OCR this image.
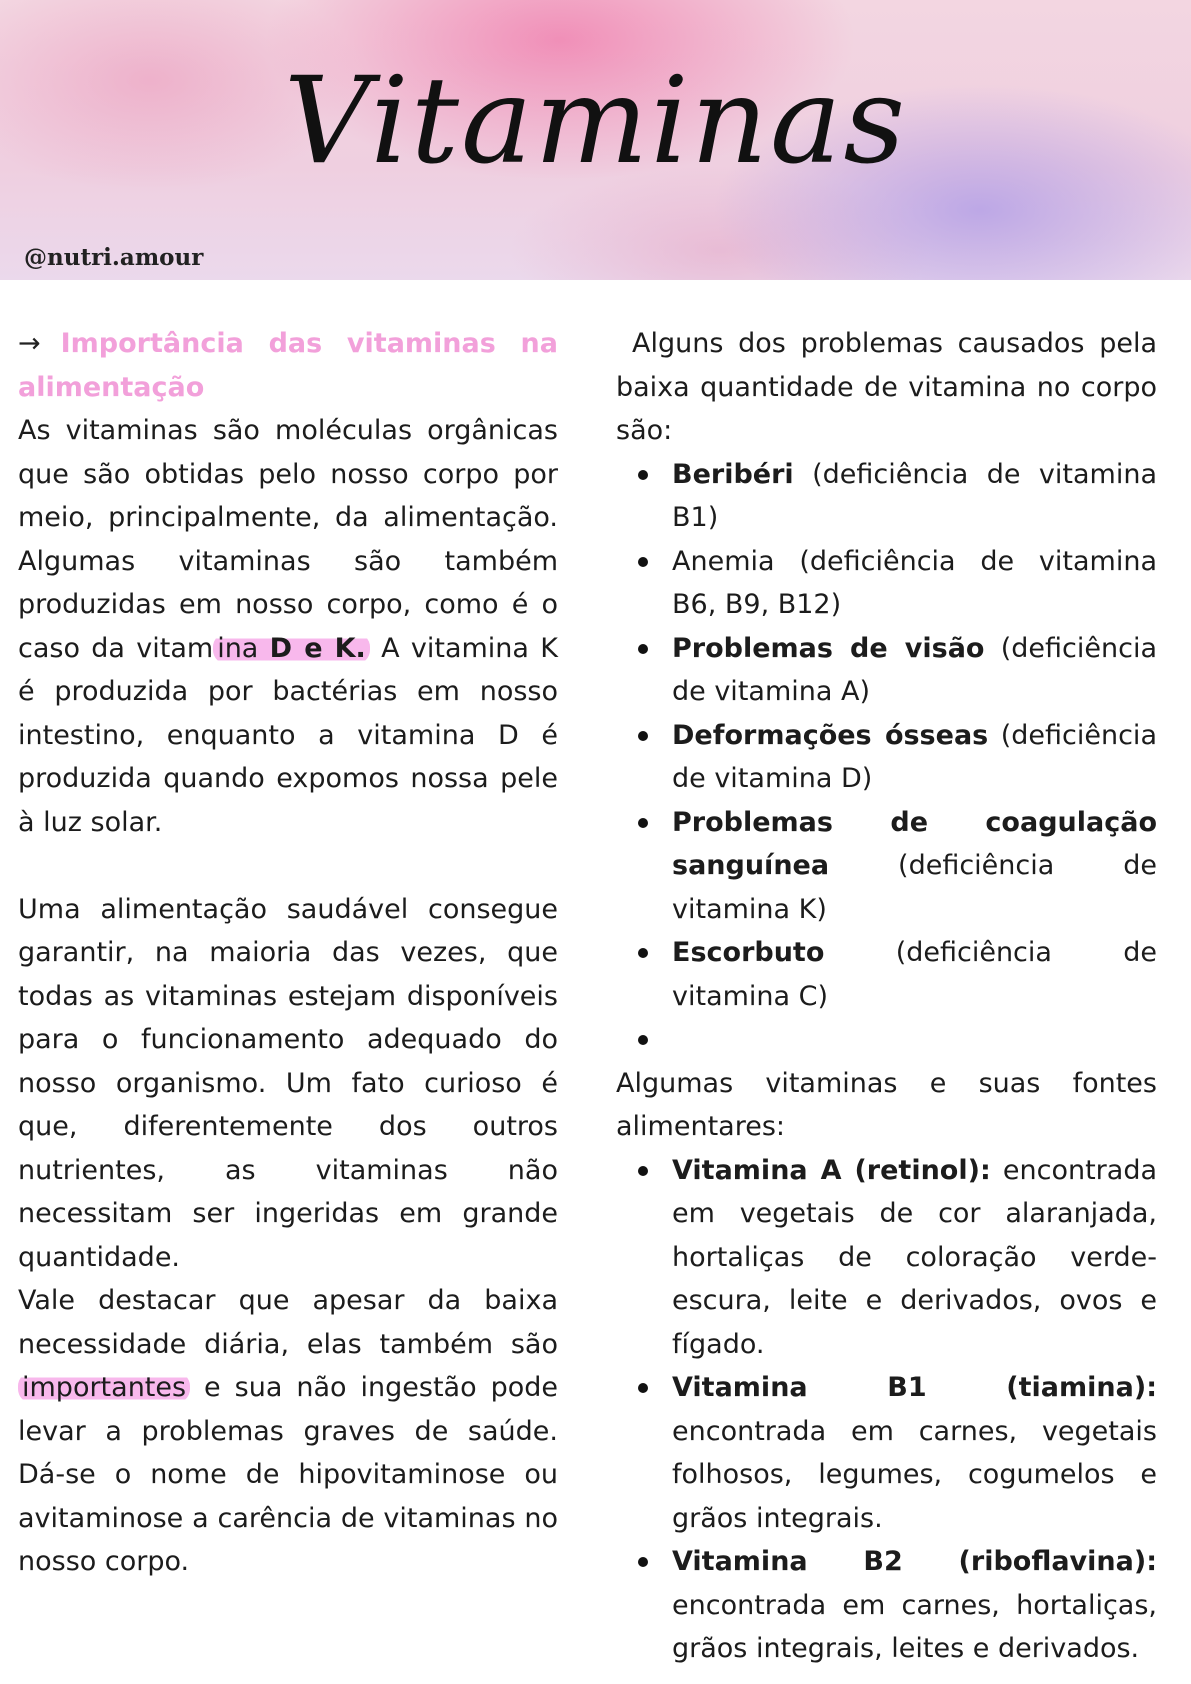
Vitaminas
@nutri.amour

→ Importância das vitaminas na alimentação

As vitaminas são moléculas orgânicas que são obtidas pelo nosso corpo por meio, principalmente, da alimentação. Algumas vitaminas são também produzidas em nosso corpo, como é o caso da vitam ina D e K. A vitamina K é produzida por bactérias em nosso intestino, enquanto a vitamina D é produzida quando expomos nossa pele à luz solar.

Uma alimentação saudável consegue garantir, na maioria das vezes, que todas as vitaminas estejam disponíveis para o funcionamento adequado do nosso organismo. Um fato curioso é que, diferentemente dos outros nutrientes, as vitaminas não necessitam ser ingeridas em grande quantidade.

Vale destacar que apesar da baixa necessidade diária, elas também são importantes e sua não ingestão pode levar a problemas graves de saúde. Dá-se o nome de hipovitaminose ou avitaminose a carência de vitaminas no nosso corpo.

Alguns dos problemas causados pela baixa quantidade de vitamina no corpo são:

Beribéri (deficiência de vitamina B1)
Anemia (deficiência de vitamina B6, B9, B12)
Problemas de visão (deficiência de vitamina A)
Deformações ósseas (deficiência de vitamina D)
Problemas de coagulação sanguínea (deficiência de vitamina K)
Escorbuto (deficiência de vitamina C)

Algumas vitaminas e suas fontes alimentares:

Vitamina A (retinol): encontrada em vegetais de cor alaranjada, hortaliças de coloração verde-escura, leite e derivados, ovos e fígado.
Vitamina B1 (tiamina): encontrada em carnes, vegetais folhosos, legumes, cogumelos e grãos integrais.
Vitamina B2 (riboflavina): encontrada em carnes, hortaliças, grãos integrais, leites e derivados.
